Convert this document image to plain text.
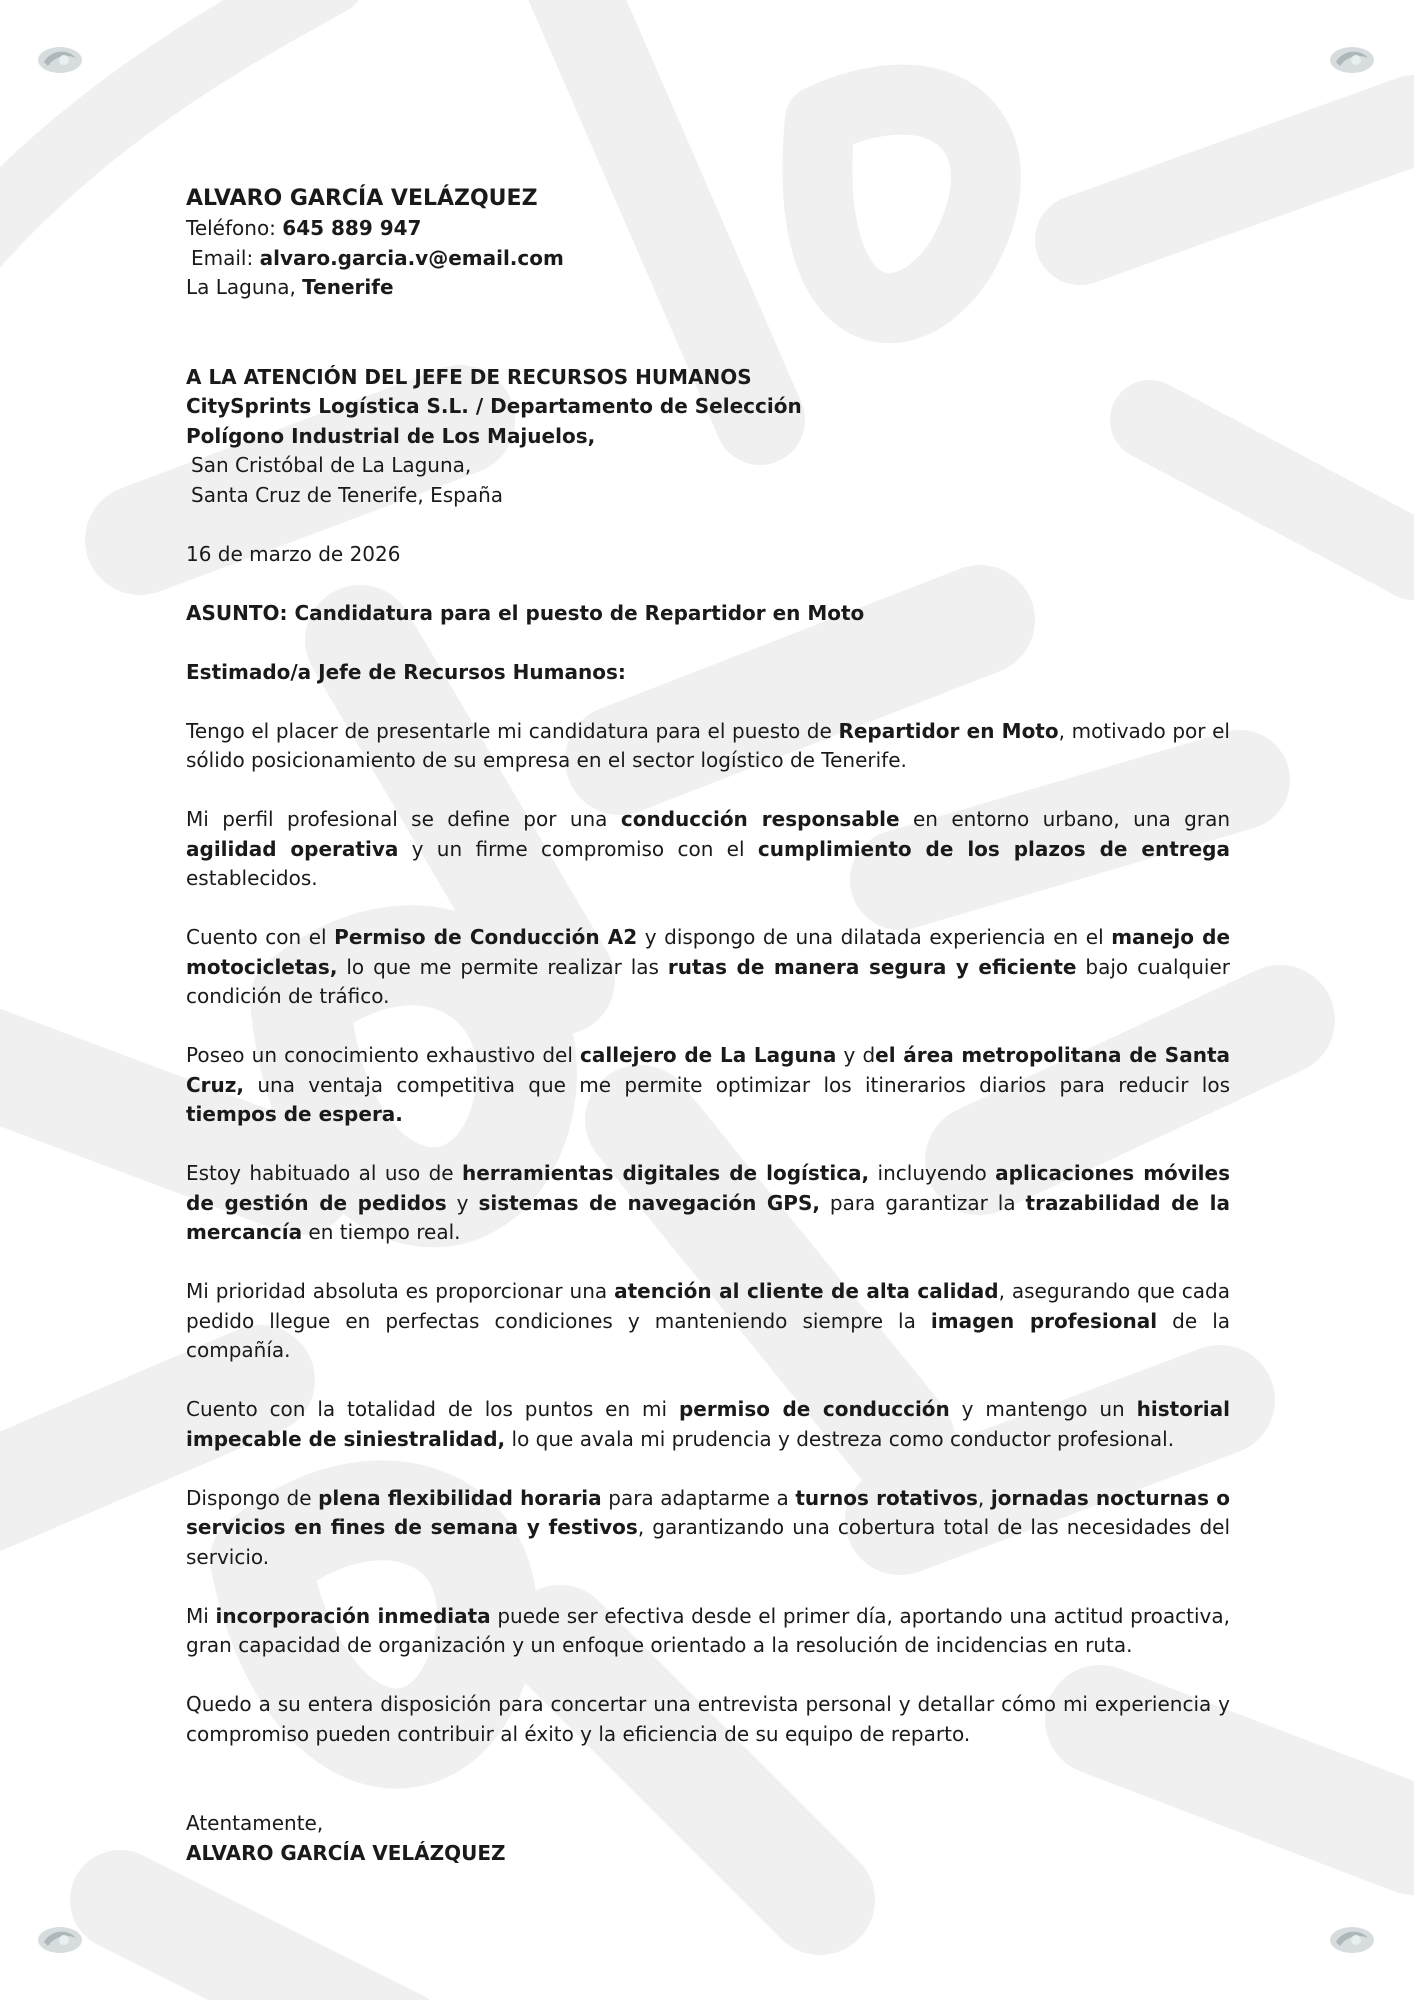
ALVARO GARCÍA VELÁZQUEZ

Teléfono: 645 889 947

Email: alvaro.garcia.v@email.com

La Laguna, Tenerife

A LA ATENCIÓN DEL JEFE DE RECURSOS HUMANOS

CitySprints Logística S.L. / Departamento de Selección

Polígono Industrial de Los Majuelos,

San Cristóbal de La Laguna,

Santa Cruz de Tenerife, España

16 de marzo de 2026

ASUNTO: Candidatura para el puesto de Repartidor en Moto

Estimado/a Jefe de Recursos Humanos:

Tengo el placer de presentarle mi candidatura para el puesto de Repartidor en Moto, motivado por el sólido posicionamiento de su empresa en el sector logístico de Tenerife.

Mi perfil profesional se define por una conducción responsable en entorno urbano, una gran agilidad operativa y un firme compromiso con el cumplimiento de los plazos de entrega establecidos.

Cuento con el Permiso de Conducción A2 y dispongo de una dilatada experiencia en el manejo de motocicletas, lo que me permite realizar las rutas de manera segura y eficiente bajo cualquier condición de tráfico.

Poseo un conocimiento exhaustivo del callejero de La Laguna y del área metropolitana de Santa Cruz, una ventaja competitiva que me permite optimizar los itinerarios diarios para reducir los tiempos de espera.

Estoy habituado al uso de herramientas digitales de logística, incluyendo aplicaciones móviles de gestión de pedidos y sistemas de navegación GPS, para garantizar la trazabilidad de la mercancía en tiempo real.

Mi prioridad absoluta es proporcionar una atención al cliente de alta calidad, asegurando que cada pedido llegue en perfectas condiciones y manteniendo siempre la imagen profesional de la compañía.

Cuento con la totalidad de los puntos en mi permiso de conducción y mantengo un historial impecable de siniestralidad, lo que avala mi prudencia y destreza como conductor profesional.

Dispongo de plena flexibilidad horaria para adaptarme a turnos rotativos, jornadas nocturnas o servicios en fines de semana y festivos, garantizando una cobertura total de las necesidades del servicio.

Mi incorporación inmediata puede ser efectiva desde el primer día, aportando una actitud proactiva, gran capacidad de organización y un enfoque orientado a la resolución de incidencias en ruta.

Quedo a su entera disposición para concertar una entrevista personal y detallar cómo mi experiencia y compromiso pueden contribuir al éxito y la eficiencia de su equipo de reparto.

Atentamente,

ALVARO GARCÍA VELÁZQUEZ
